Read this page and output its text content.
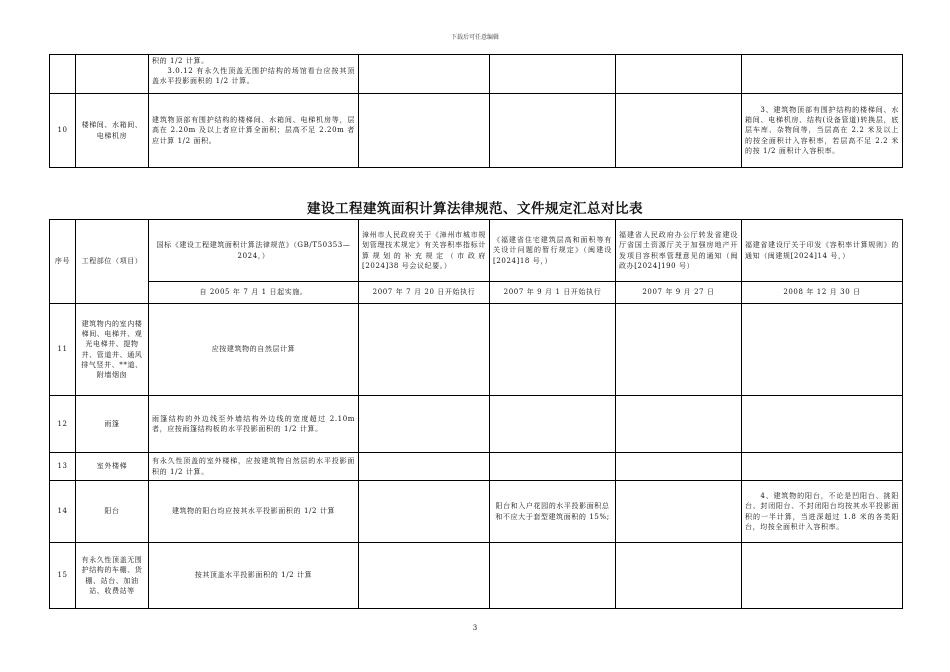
下载后可任意编辑

		积的 1/2 计算。
3.0.12 有永久性顶盖无围护结构的场馆看台应按其顶盖水平投影面积的 1/2 计算。				

10	楼梯间、水箱间、电梯机房	建筑物顶部有围护结构的楼梯间、水箱间、电梯机房等，层高在 2.20m 及以上者应计算全面积；层高不足 2.20m 者应计算 1/2 面积。				3、建筑物顶部有围护结构的楼梯间、水箱间、电梯机房、结构(设备管道)转换层，底层车库、杂物间等，当层高在 2.2 米及以上的按全面积计入容积率，若层高不足 2.2 米的按 1/2 面积计入容积率。
建设工程建筑面积计算法律规范、文件规定汇总对比表
序号	工程部位（项目）	国标《建设工程建筑面积计算法律规范》（GB/T50353—2024，）	漳州市人民政府关于《漳州市城市规划管理技术规定》有关容积率指标计算规划的补充规定（市政府[2024]38 号会议纪要。）	《福建省住宅建筑层高和面积等有关设计问题的暂行规定》（闽建设[2024]18 号，）	福建省人民政府办公厅转发省建设厅省国土资源厅关于加强房地产开发项目容积率管理意见的通知（闽政办[2024]190 号）	福建省建设厅关于印发《容积率计算规则》的通知（闽建规[2024]14 号，）
		自 2005 年 7 月 1 日起实施。	2007 年 7 月 20 日开始执行	2007 年 9 月 1 日开始执行	2007 年 9 月 27 日	2008 年 12 月 30 日
11	建筑物内的室内楼梯间、电梯井、观光电梯井、提物井、管道井、通风排气竖井、**道、附墙烟囱	应按建筑物的自然层计算				
12	雨篷	雨篷结构的外边线至外墙结构外边线的宽度超过 2.10m 者，应按雨篷结构板的水平投影面积的 1/2 计算。				
13	室外楼梯	有永久性顶盖的室外楼梯，应按建筑物自然层的水平投影面积的 1/2 计算。				
14	阳台	建筑物的阳台均应按其水平投影面积的 1/2 计算		阳台和入户花园的水平投影面积总和不应大于套型建筑面积的 15%;		4、建筑物的阳台，不论是凹阳台、挑阳台、封闭阳台、不封闭阳台均按其水平投影面积的一半计算，当进深超过 1.8 米的各类阳台，均按全面积计入容积率。
15	有永久性顶盖无围护结构的车棚、货棚、站台、加油站、收费站等	按其顶盖水平投影面积的 1/2 计算				
3
